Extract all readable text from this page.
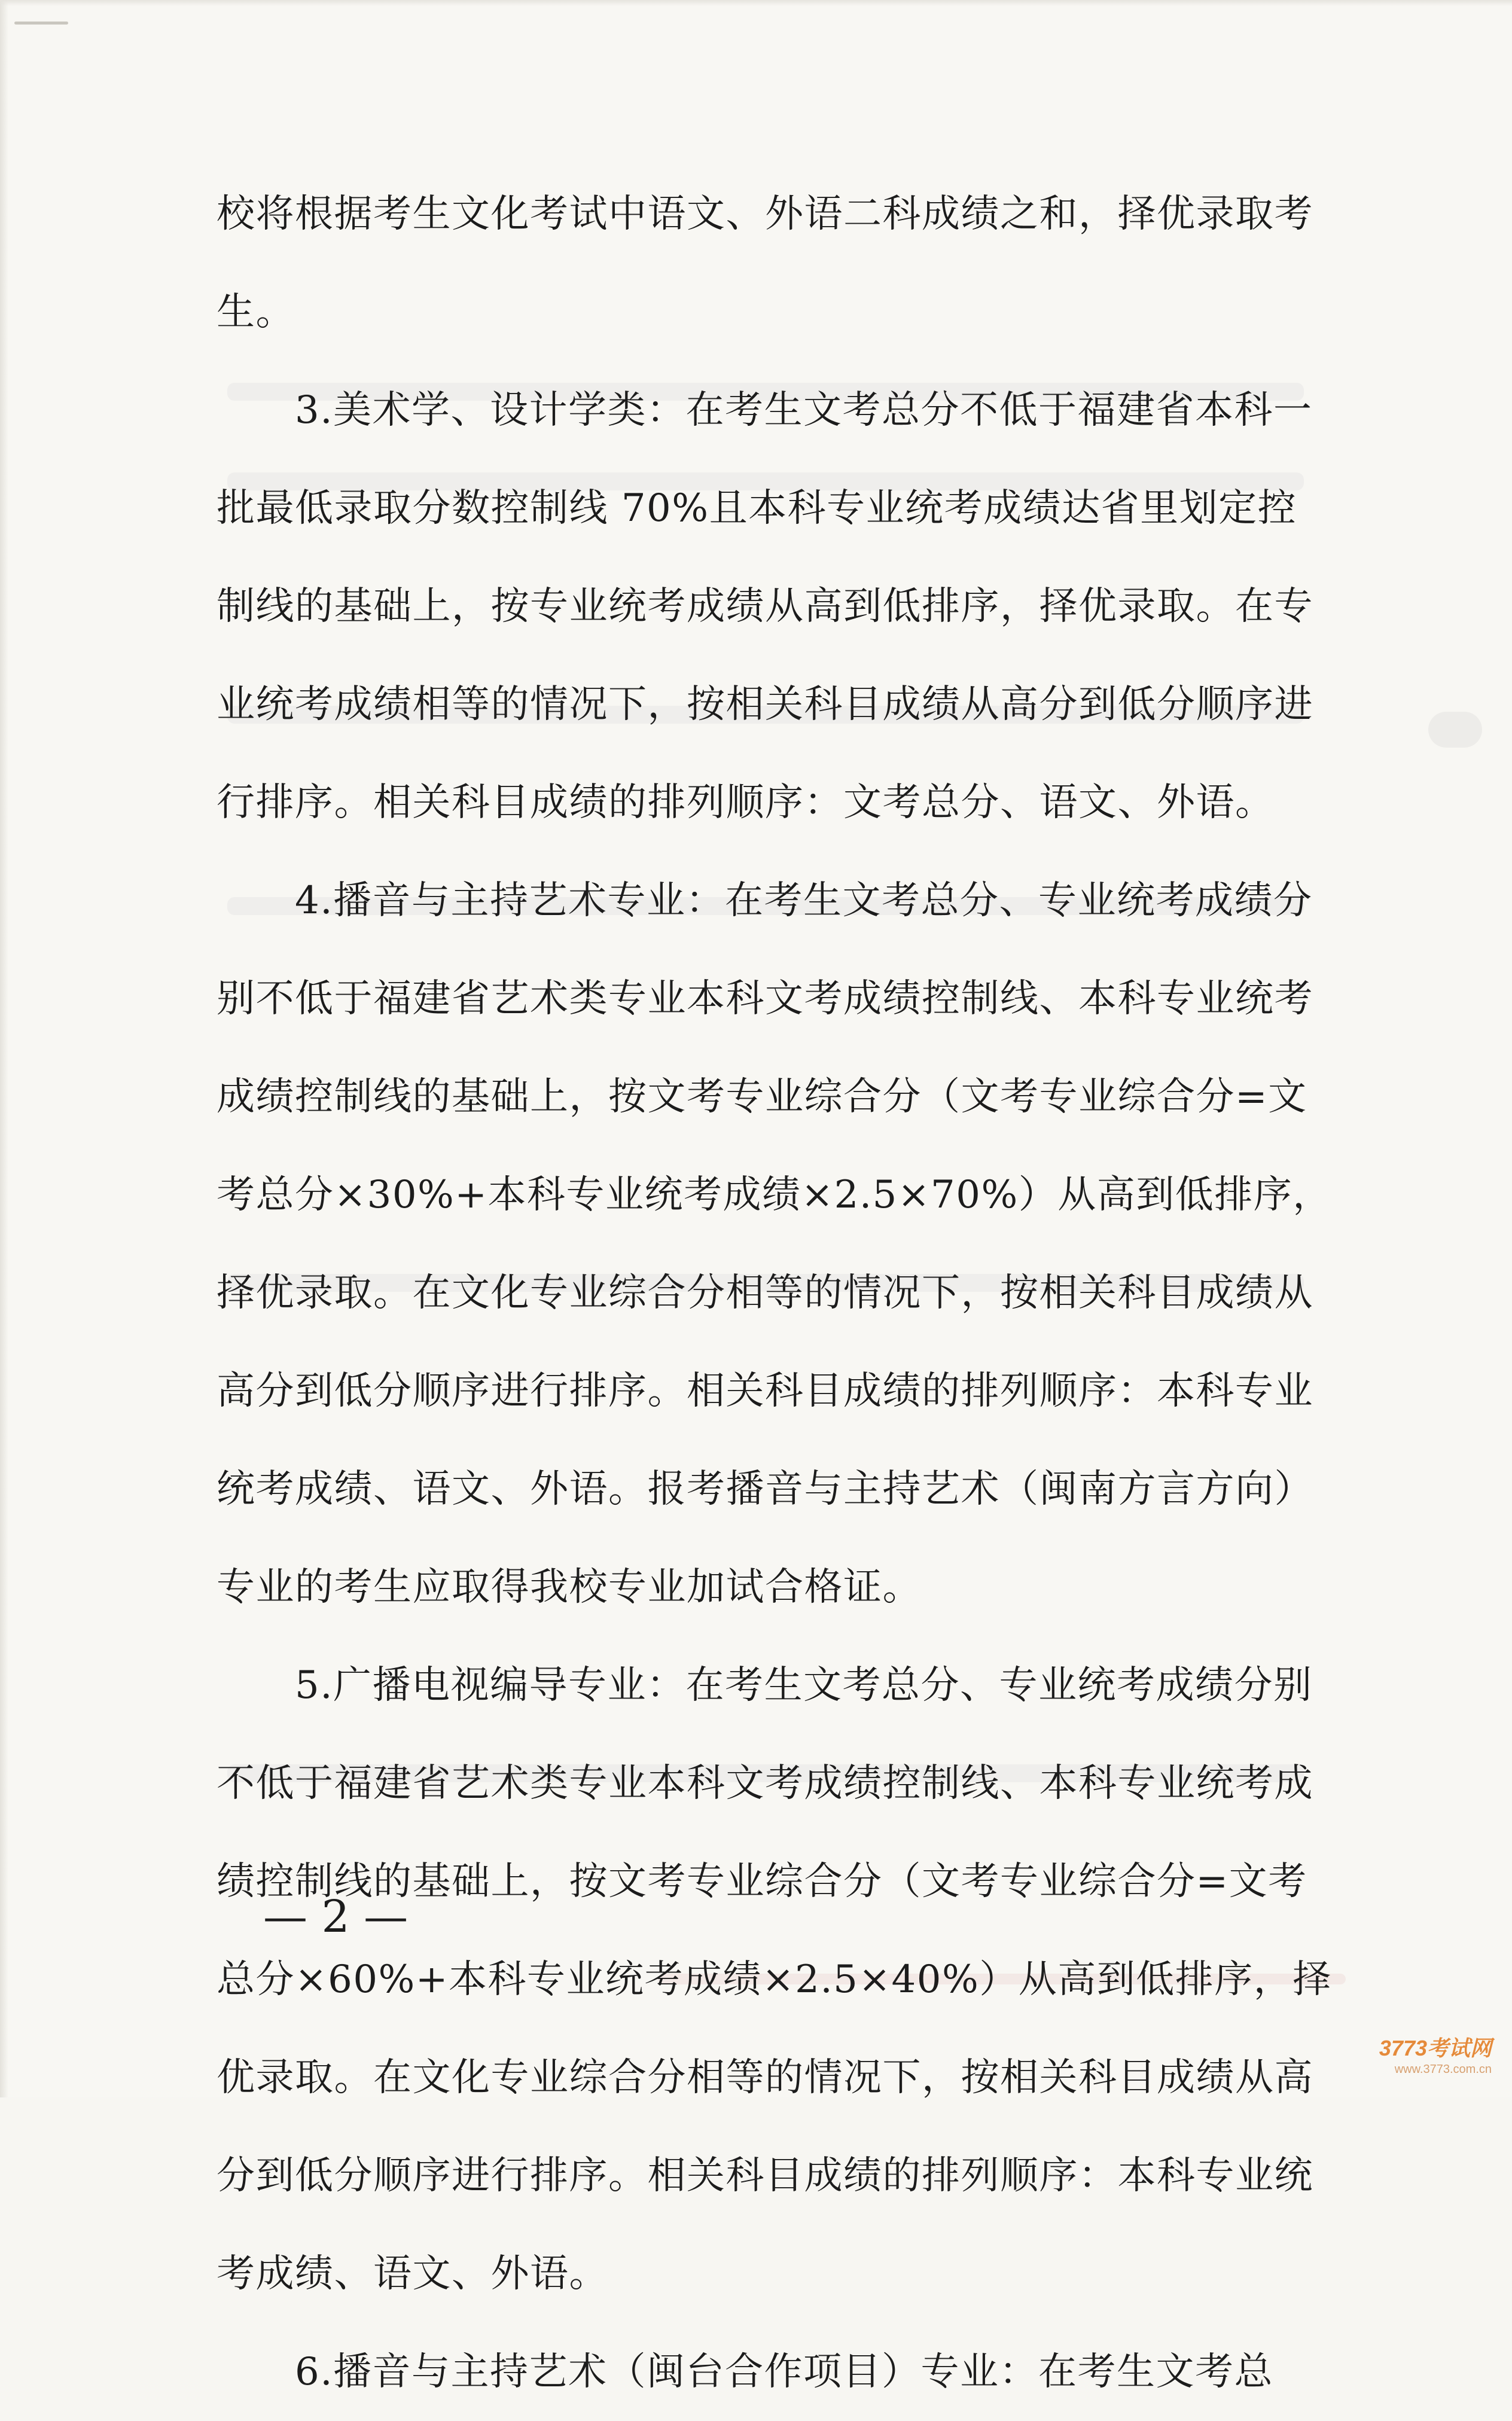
校将根据考生文化考试中语文、外语二科成绩之和，择优录取考
生。
　　3.美术学、设计学类：在考生文考总分不低于福建省本科一
批最低录取分数控制线 70%且本科专业统考成绩达省里划定控
制线的基础上，按专业统考成绩从高到低排序，择优录取。在专
业统考成绩相等的情况下，按相关科目成绩从高分到低分顺序进
行排序。相关科目成绩的排列顺序：文考总分、语文、外语。
　　4.播音与主持艺术专业：在考生文考总分、专业统考成绩分
别不低于福建省艺术类专业本科文考成绩控制线、本科专业统考
成绩控制线的基础上，按文考专业综合分（文考专业综合分=文
考总分×30%+本科专业统考成绩×2.5×70%）从高到低排序，
择优录取。在文化专业综合分相等的情况下，按相关科目成绩从
高分到低分顺序进行排序。相关科目成绩的排列顺序：本科专业
统考成绩、语文、外语。报考播音与主持艺术（闽南方言方向）
专业的考生应取得我校专业加试合格证。
　　5.广播电视编导专业：在考生文考总分、专业统考成绩分别
不低于福建省艺术类专业本科文考成绩控制线、本科专业统考成
绩控制线的基础上，按文考专业综合分（文考专业综合分=文考
总分×60%+本科专业统考成绩×2.5×40%）从高到低排序，择
优录取。在文化专业综合分相等的情况下，按相关科目成绩从高
分到低分顺序进行排序。相关科目成绩的排列顺序：本科专业统
考成绩、语文、外语。
　　6.播音与主持艺术（闽台合作项目）专业：在考生文考总
— 2 —
3773考试网
www.3773.com.cn
